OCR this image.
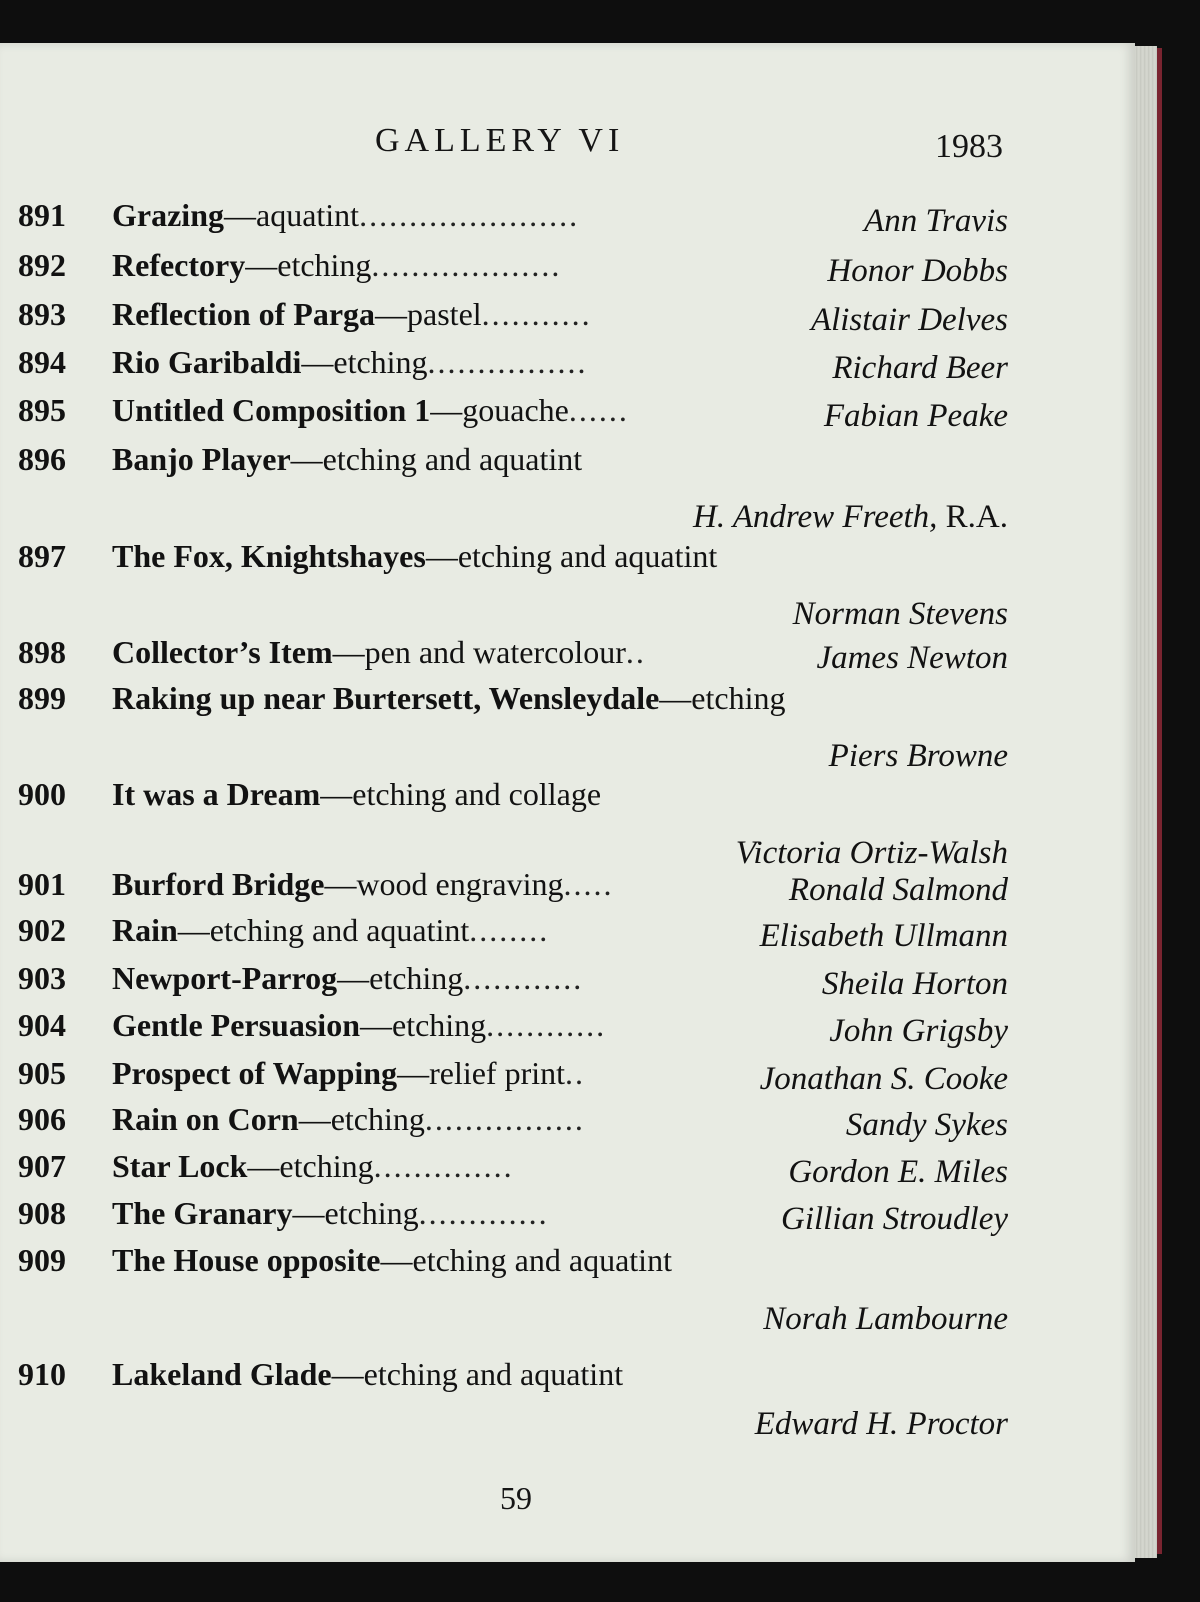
GALLERY VI	1983
891	Grazing—aquatint......................	Ann Travis
892	Refectory—etching...................	Honor Dobbs
893	Reflection of Parga—pastel...........	Alistair Delves
894	Rio Garibaldi—etching................	Richard Beer
895	Untitled Composition 1—gouache......	Fabian Peake
896	Banjo Player—etching and aquatint
H. Andrew Freeth, R.A.
897	The Fox, Knightshayes—etching and aquatint
Norman Stevens
898	Collector’s Item—pen and watercolour..	James Newton
899	Raking up near Burtersett, Wensleydale—etching
Piers Browne
900	It was a Dream—etching and collage
Victoria Ortiz-Walsh
901	Burford Bridge—wood engraving.....	Ronald Salmond
902	Rain—etching and aquatint........	Elisabeth Ullmann
903	Newport-Parrog—etching............	Sheila Horton
904	Gentle Persuasion—etching............	John Grigsby
905	Prospect of Wapping—relief print..	Jonathan S. Cooke
906	Rain on Corn—etching................	Sandy Sykes
907	Star Lock—etching..............	Gordon E. Miles
908	The Granary—etching.............	Gillian Stroudley
909	The House opposite—etching and aquatint
Norah Lambourne
910	Lakeland Glade—etching and aquatint
Edward H. Proctor
59
